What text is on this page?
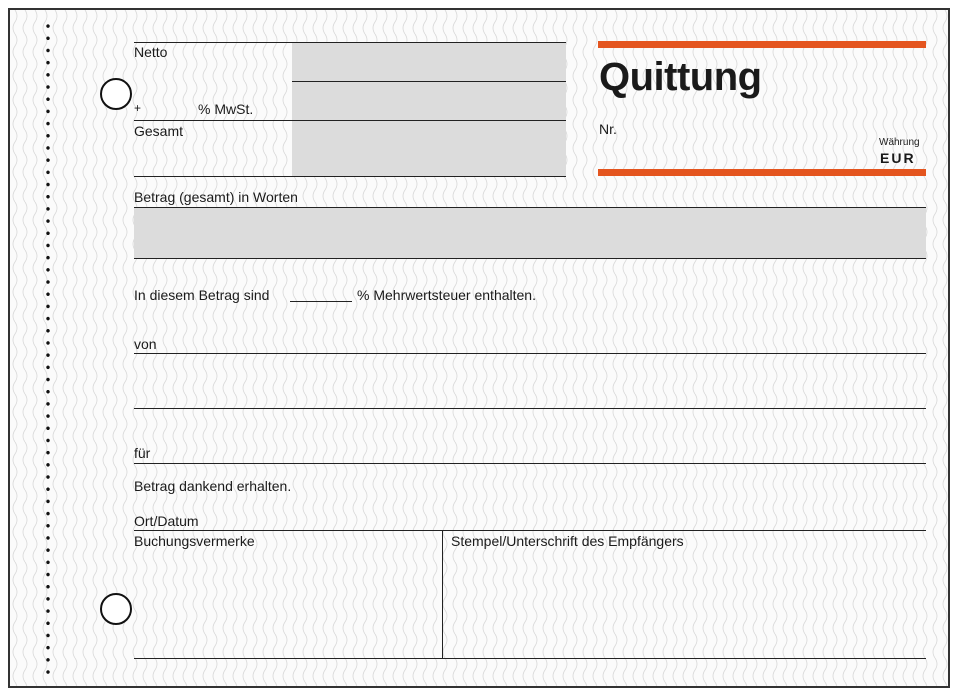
Netto
+	% MwSt.
Gesamt
Quittung
Nr.
Währung
EUR
Betrag (gesamt) in Worten
In diesem Betrag sind	% Mehrwertsteuer enthalten.
von
für
Betrag dankend erhalten.
Ort/Datum
Buchungsvermerke	Stempel/Unterschrift des Empfängers
